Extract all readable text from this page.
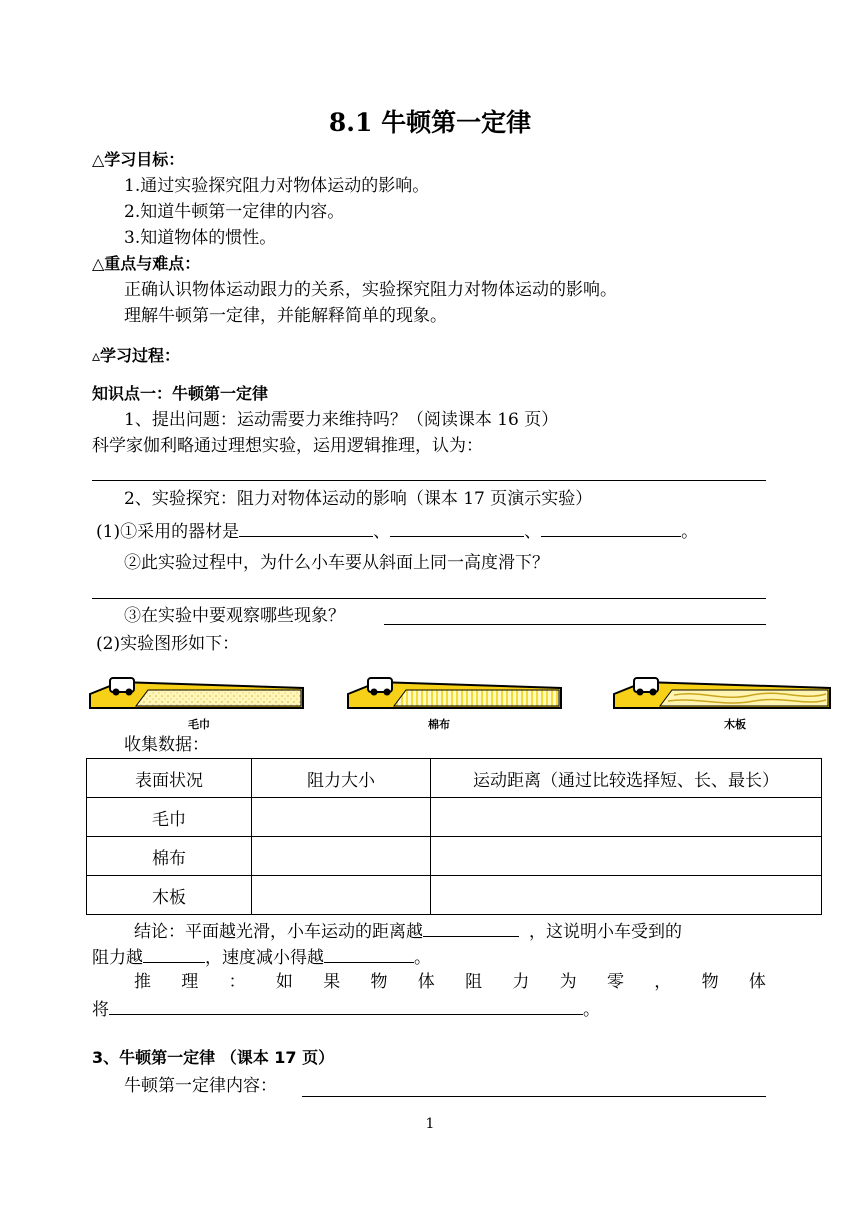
8.1 牛顿第一定律
△学习目标：
1.通过实验探究阻力对物体运动的影响。
2.知道牛顿第一定律的内容。
3.知道物体的惯性。
△重点与难点：
正确认识物体运动跟力的关系，实验探究阻力对物体运动的影响。
理解牛顿第一定律，并能解释简单的现象。
▵学习过程：
知识点一：牛顿第一定律
1、提出问题：运动需要力来维持吗？（阅读课本 16 页）
科学家伽利略通过理想实验，运用逻辑推理，认为：
2、实验探究：阻力对物体运动的影响（课本 17 页演示实验）
(1)①采用的器材是	、	、	。
②此实验过程中，为什么小车要从斜面上同一高度滑下？
③在实验中要观察哪些现象？
(2)实验图形如下：
毛巾	棉布	木板
收集数据：
表面状况	阻力大小	运动距离（通过比较选择短、长、最长）
毛巾		
棉布		
木板		
结论：平面越光滑，小车运动的距离越	，这说明小车受到的
阻力越	，速度减小得越	。
推 理 ： 如 果 物 体 阻 力 为 零 ， 物 体
将	。
3、牛顿第一定律 （课本 17 页）
牛顿第一定律内容：
1
